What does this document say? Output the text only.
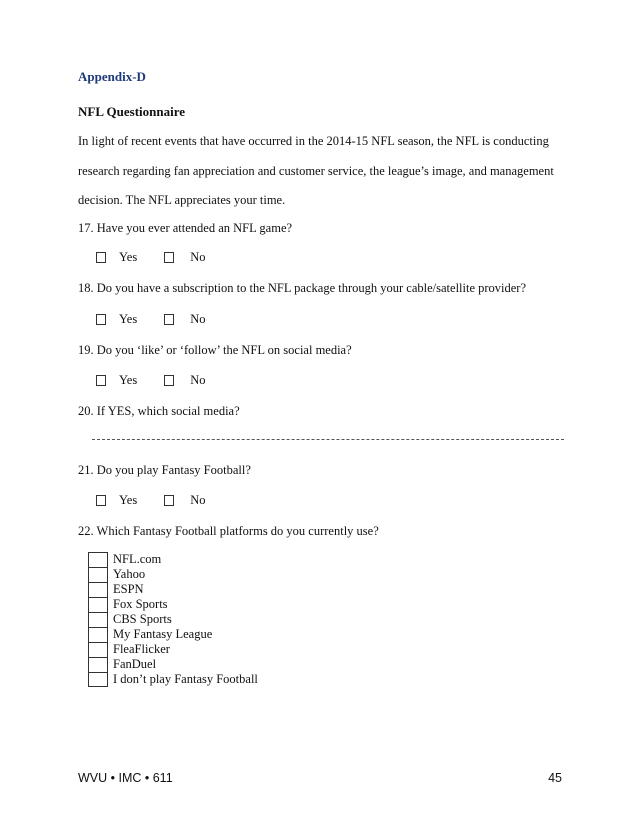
Appendix-D
NFL Questionnaire
In light of recent events that have occurred in the 2014-15 NFL season, the NFL is conducting
research regarding fan appreciation and customer service, the league’s image, and management
decision. The NFL appreciates your time.
17. Have you ever attended an NFL game?
Yes	No
18. Do you have a subscription to the NFL package through your cable/satellite provider?
Yes	No
19. Do you ‘like’ or ‘follow’ the NFL on social media?
Yes	No
20. If YES, which social media?
21. Do you play Fantasy Football?
Yes	No
22. Which Fantasy Football platforms do you currently use?
NFL.com
Yahoo
ESPN
Fox Sports
CBS Sports
My Fantasy League
FleaFlicker
FanDuel
I don’t play Fantasy Football
WVU • IMC • 611	45
